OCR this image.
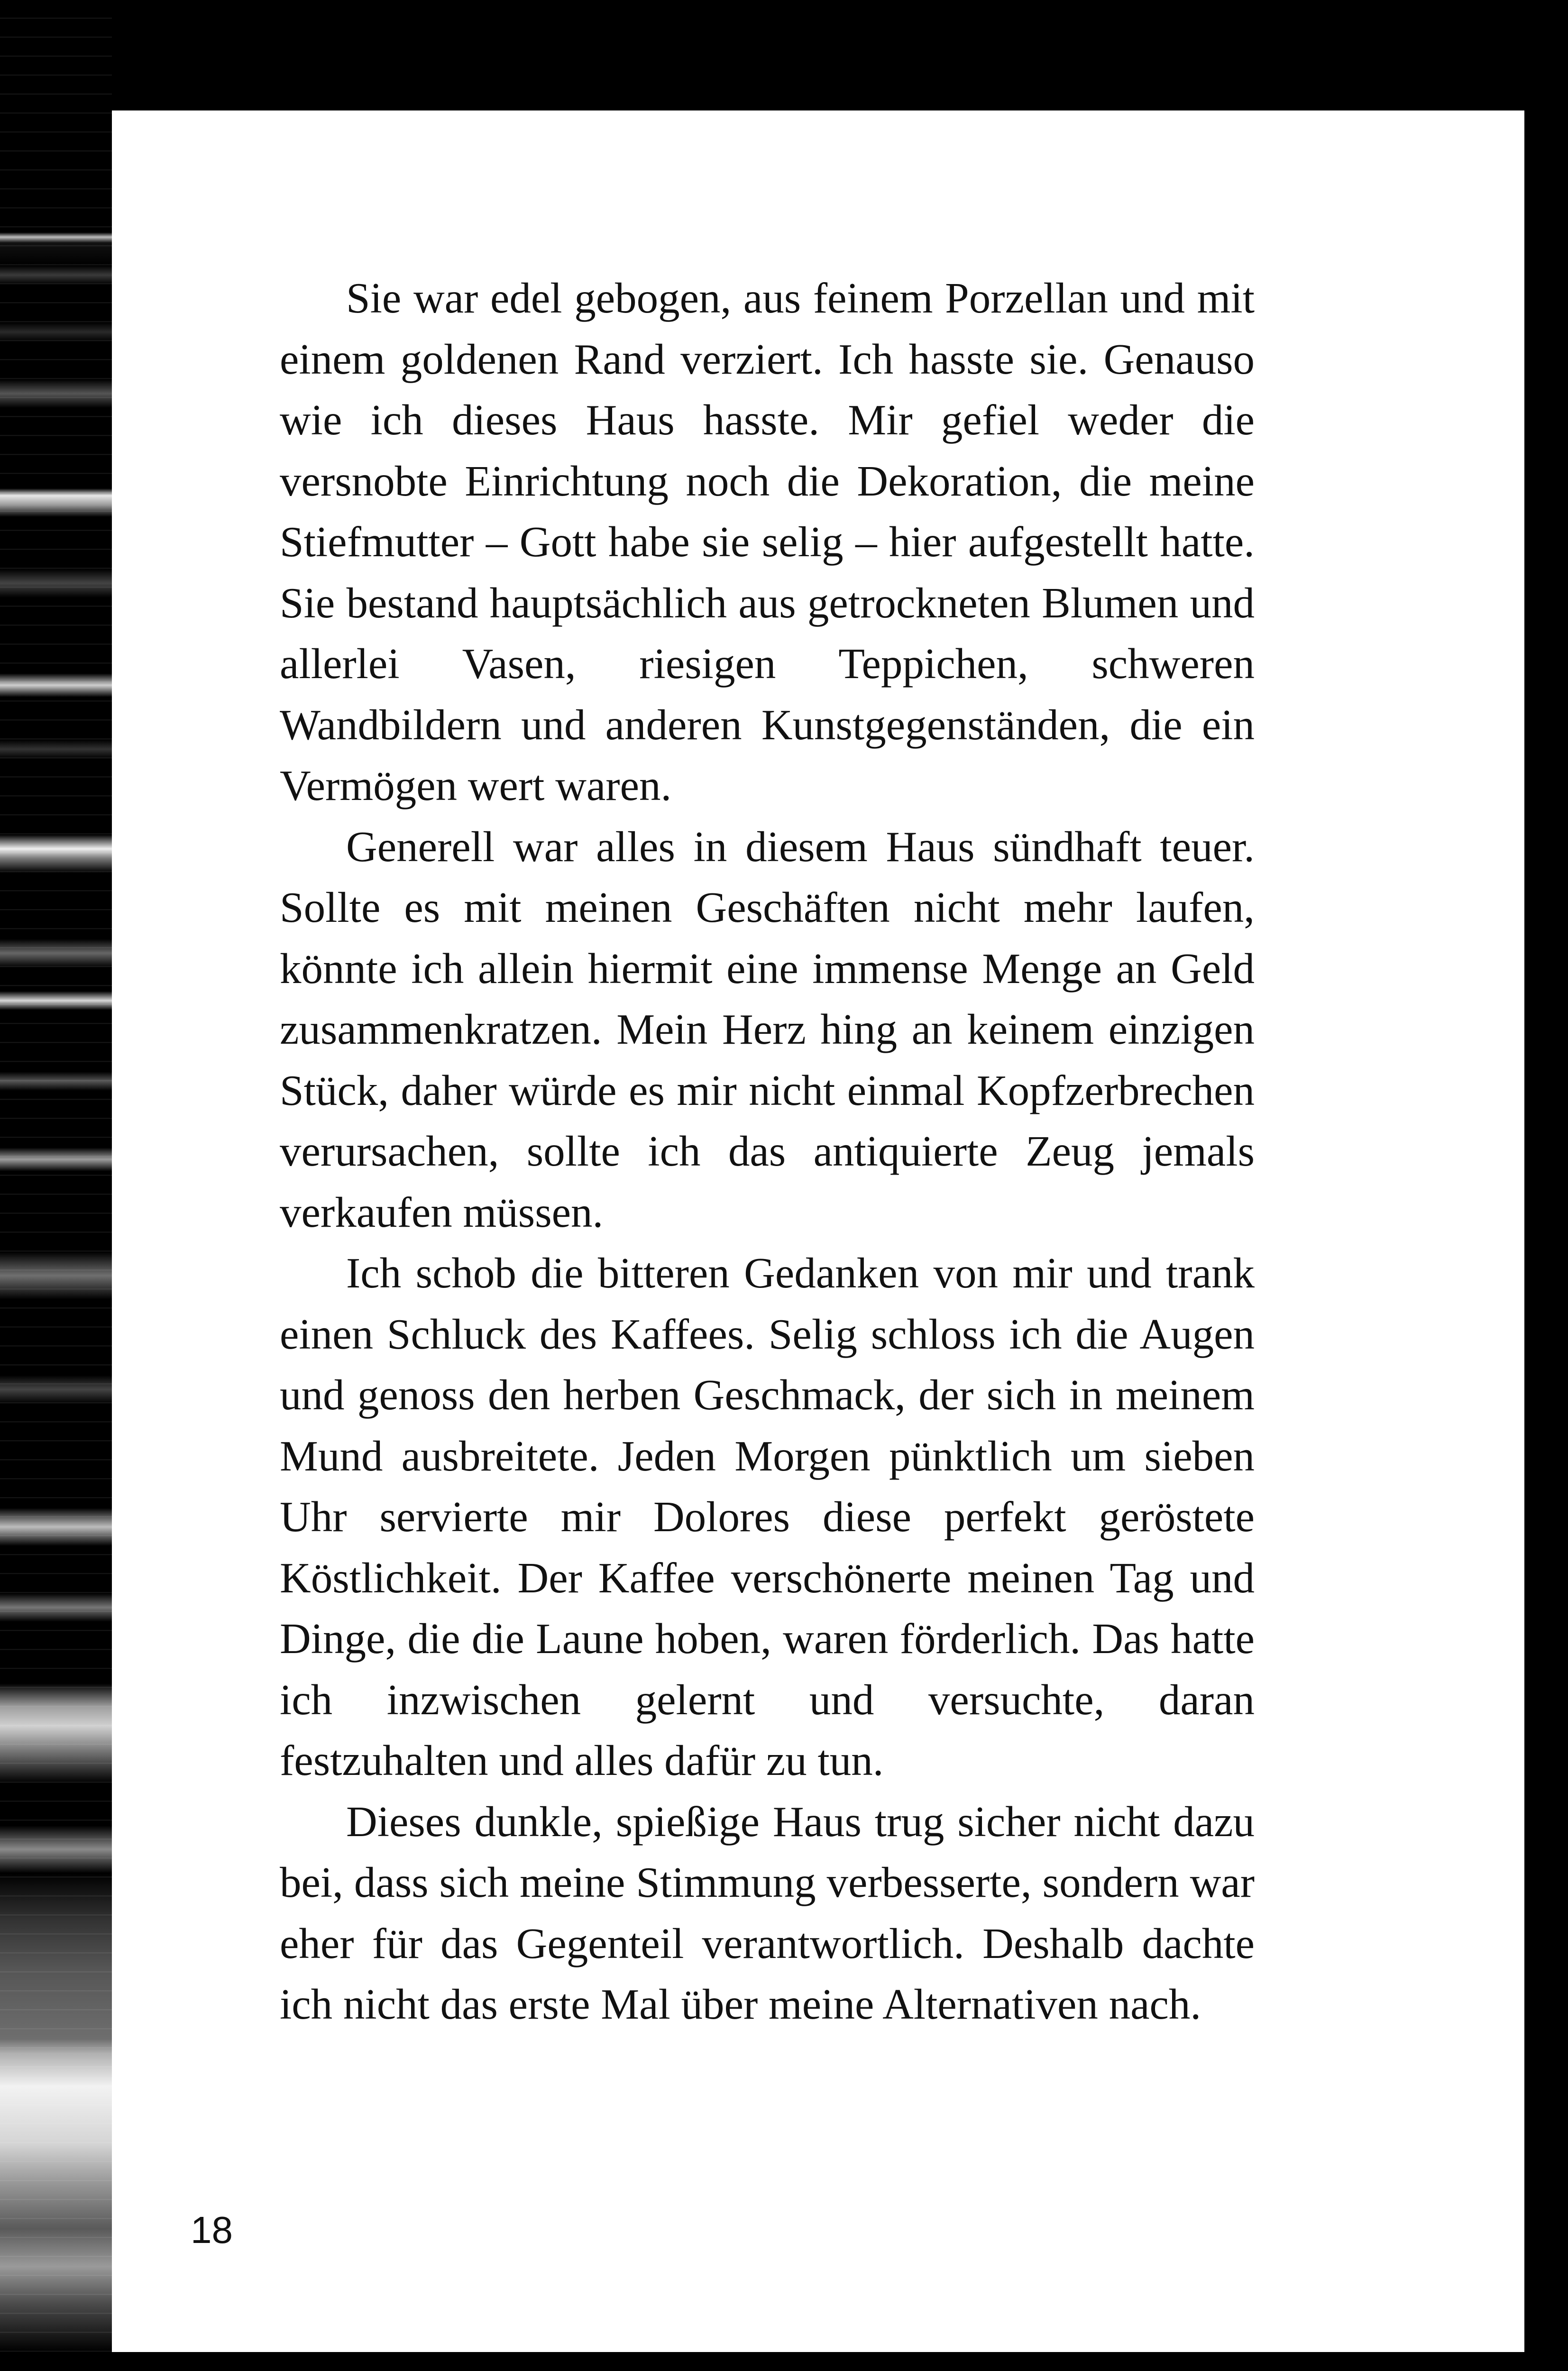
Sie war edel gebogen, aus feinem Porzellan und mit einem goldenen Rand verziert. Ich hasste sie. Genauso wie ich dieses Haus hasste. Mir gefiel weder die versnobte Einrichtung noch die Dekoration, die meine Stiefmutter – Gott habe sie selig – hier aufgestellt hatte. Sie bestand hauptsächlich aus getrockneten Blumen und allerlei Vasen, riesigen Teppichen, schweren Wandbildern und anderen Kunstgegenständen, die ein Vermögen wert waren.

Generell war alles in diesem Haus sündhaft teuer. Sollte es mit meinen Geschäften nicht mehr laufen, könnte ich allein hiermit eine immense Menge an Geld zusammenkratzen. Mein Herz hing an keinem einzigen Stück, daher würde es mir nicht einmal Kopfzerbrechen verursachen, sollte ich das antiquierte Zeug jemals verkaufen müssen.

Ich schob die bitteren Gedanken von mir und trank einen Schluck des Kaffees. Selig schloss ich die Augen und genoss den herben Geschmack, der sich in meinem Mund ausbreitete. Jeden Morgen pünktlich um sieben Uhr servierte mir Dolores diese perfekt geröstete Köstlichkeit. Der Kaffee verschönerte meinen Tag und Dinge, die die Laune hoben, waren förderlich. Das hatte ich inzwischen gelernt und versuchte, daran festzuhalten und alles dafür zu tun.

Dieses dunkle, spießige Haus trug sicher nicht dazu bei, dass sich meine Stimmung verbesserte, sondern war eher für das Gegenteil verantwortlich. Deshalb dachte ich nicht das erste Mal über meine Alternativen nach.

18
